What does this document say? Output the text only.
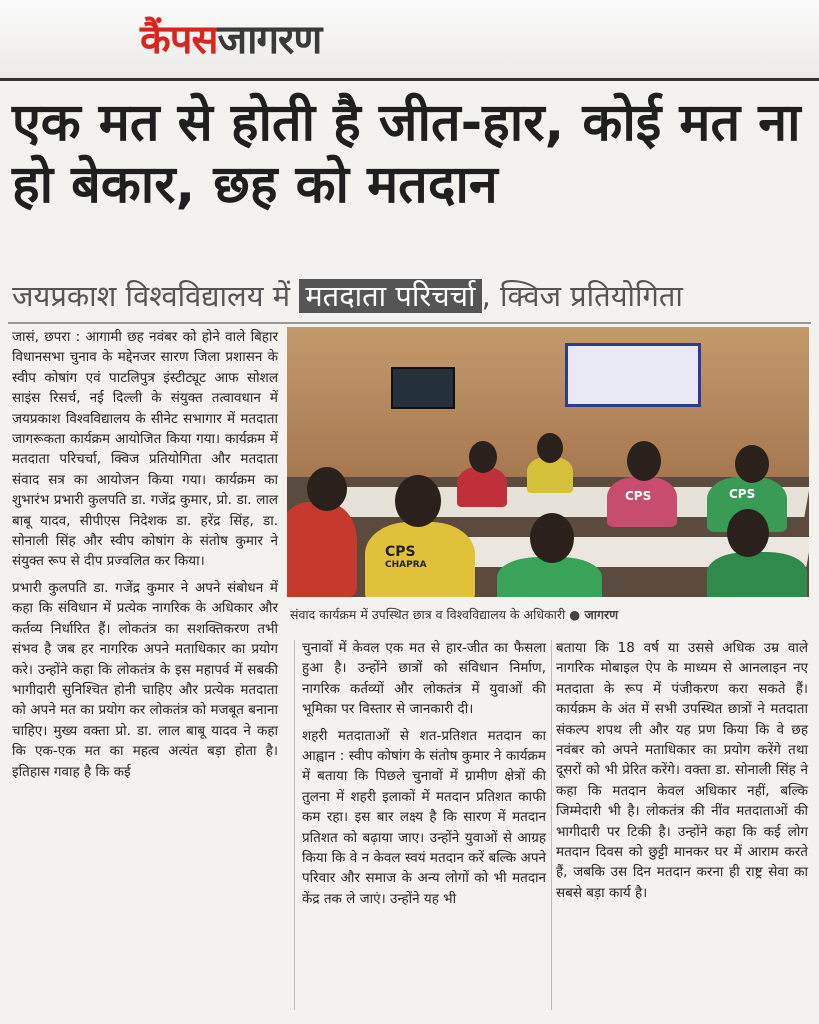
कैंपसजागरण
एक मत से होती है जीत-हार, कोई मत ना हो बेकार, छह को मतदान
जयप्रकाश विश्वविद्यालय में मतदाता परिचर्चा , क्विज प्रतियोगिता

जासं, छपरा : आगामी छह नवंबर को होने वाले बिहार विधानसभा चुनाव के मद्देनजर सारण जिला प्रशासन के स्वीप कोषांग एवं पाटलिपुत्र इंस्टीट्यूट आफ सोशल साइंस रिसर्च, नई दिल्ली के संयुक्त तत्वावधान में जयप्रकाश विश्वविद्यालय के सीनेट सभागार में मतदाता जागरूकता कार्यक्रम आयोजित किया गया। कार्यक्रम में मतदाता परिचर्चा, क्विज प्रतियोगिता और मतदाता संवाद सत्र का आयोजन किया गया। कार्यक्रम का शुभारंभ प्रभारी कुलपति डा. गजेंद्र कुमार, प्रो. डा. लाल बाबू यादव, सीपीएस निदेशक डा. हरेंद्र सिंह, डा. सोनाली सिंह और स्वीप कोषांग के संतोष कुमार ने संयुक्त रूप से दीप प्रज्वलित कर किया।

प्रभारी कुलपति डा. गजेंद्र कुमार ने अपने संबोधन में कहा कि संविधान में प्रत्येक नागरिक के अधिकार और कर्तव्य निर्धारित हैं। लोकतंत्र का सशक्तिकरण तभी संभव है जब हर नागरिक अपने मताधिकार का प्रयोग करे। उन्होंने कहा कि लोकतंत्र के इस महापर्व में सबकी भागीदारी सुनिश्चित होनी चाहिए और प्रत्येक मतदाता को अपने मत का प्रयोग कर लोकतंत्र को मजबूत बनाना चाहिए। मुख्य वक्ता प्रो. डा. लाल बाबू यादव ने कहा कि एक-एक मत का महत्व अत्यंत बड़ा होता है। इतिहास गवाह है कि कई

CPS
CHAPRA
CPS	CPS
संवाद कार्यक्रम में उपस्थित छात्र व विश्वविद्यालय के अधिकारी ● जागरण

चुनावों में केवल एक मत से हार-जीत का फैसला हुआ है। उन्होंने छात्रों को संविधान निर्माण, नागरिक कर्तव्यों और लोकतंत्र में युवाओं की भूमिका पर विस्तार से जानकारी दी।

शहरी मतदाताओं से शत-प्रतिशत मतदान का आह्वान : स्वीप कोषांग के संतोष कुमार ने कार्यक्रम में बताया कि पिछले चुनावों में ग्रामीण क्षेत्रों की तुलना में शहरी इलाकों में मतदान प्रतिशत काफी कम रहा। इस बार लक्ष्य है कि सारण में मतदान प्रतिशत को बढ़ाया जाए। उन्होंने युवाओं से आग्रह किया कि वे न केवल स्वयं मतदान करें बल्कि अपने परिवार और समाज के अन्य लोगों को भी मतदान केंद्र तक ले जाएं। उन्होंने यह भी

बताया कि 18 वर्ष या उससे अधिक उम्र वाले नागरिक मोबाइल ऐप के माध्यम से आनलाइन नए मतदाता के रूप में पंजीकरण करा सकते हैं। कार्यक्रम के अंत में सभी उपस्थित छात्रों ने मतदाता संकल्प शपथ ली और यह प्रण किया कि वे छह नवंबर को अपने मताधिकार का प्रयोग करेंगे तथा दूसरों को भी प्रेरित करेंगे। वक्ता डा. सोनाली सिंह ने कहा कि मतदान केवल अधिकार नहीं, बल्कि जिम्मेदारी भी है। लोकतंत्र की नींव मतदाताओं की भागीदारी पर टिकी है। उन्होंने कहा कि कई लोग मतदान दिवस को छुट्टी मानकर घर में आराम करते हैं, जबकि उस दिन मतदान करना ही राष्ट्र सेवा का सबसे बड़ा कार्य है।
